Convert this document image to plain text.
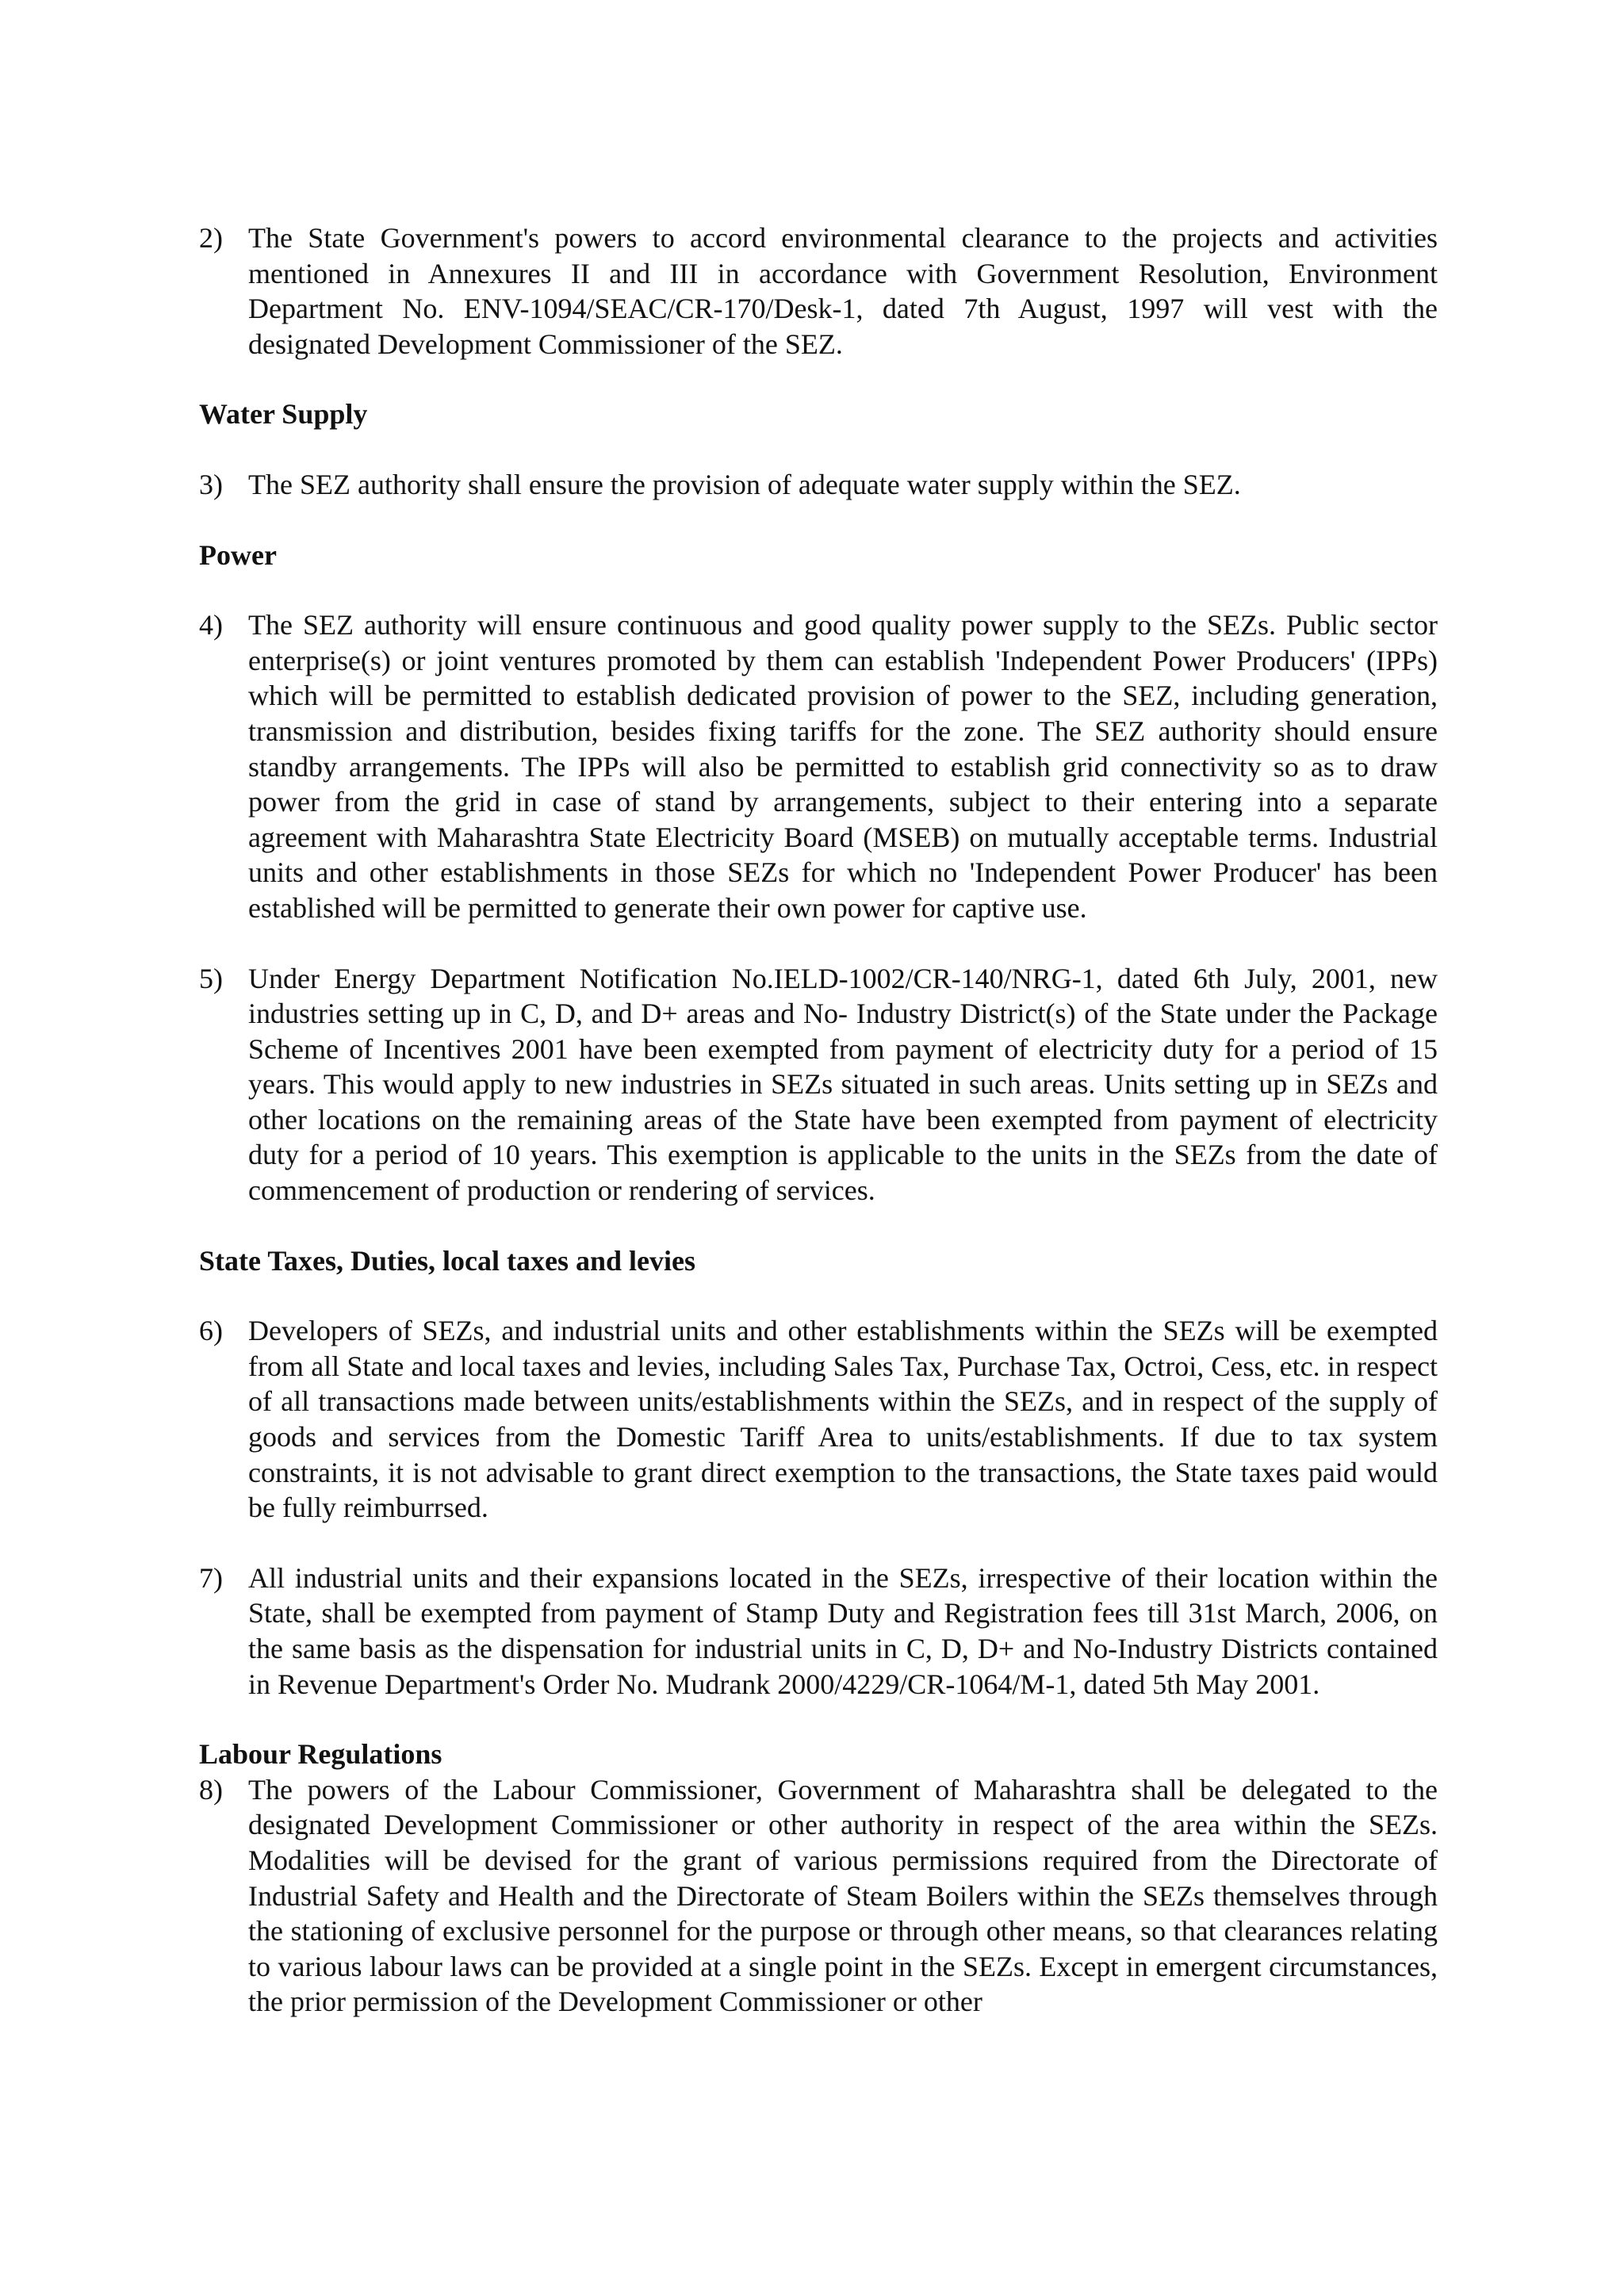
2) The State Government's powers to accord environmental clearance to the projects and activities mentioned in Annexures II and III in accordance with Government Resolution, Environment Department No. ENV-1094/SEAC/CR-170/Desk-1, dated 7th August, 1997 will vest with the designated Development Commissioner of the SEZ.

Water Supply

3) The SEZ authority shall ensure the provision of adequate water supply within the SEZ.

Power

4) The SEZ authority will ensure continuous and good quality power supply to the SEZs. Public sector enterprise(s) or joint ventures promoted by them can establish 'Independent Power Producers' (IPPs) which will be permitted to establish dedicated provision of power to the SEZ, including generation, transmission and distribution, besides fixing tariffs for the zone. The SEZ authority should ensure standby arrangements. The IPPs will also be permitted to establish grid connectivity so as to draw power from the grid in case of stand by arrangements, subject to their entering into a separate agreement with Maharashtra State Electricity Board (MSEB) on mutually acceptable terms. Industrial units and other establishments in those SEZs for which no 'Independent Power Producer' has been established will be permitted to generate their own power for captive use.
5) Under Energy Department Notification No.IELD-1002/CR-140/NRG-1, dated 6th July, 2001, new industries setting up in C, D, and D+ areas and No- Industry District(s) of the State under the Package Scheme of Incentives 2001 have been exempted from payment of electricity duty for a period of 15 years. This would apply to new industries in SEZs situated in such areas. Units setting up in SEZs and other locations on the remaining areas of the State have been exempted from payment of electricity duty for a period of 10 years. This exemption is applicable to the units in the SEZs from the date of commencement of production or rendering of services.

State Taxes, Duties, local taxes and levies

6) Developers of SEZs, and industrial units and other establishments within the SEZs will be exempted from all State and local taxes and levies, including Sales Tax, Purchase Tax, Octroi, Cess, etc. in respect of all transactions made between units/establishments within the SEZs, and in respect of the supply of goods and services from the Domestic Tariff Area to units/establishments. If due to tax system constraints, it is not advisable to grant direct exemption to the transactions, the State taxes paid would be fully reimburrsed.
7) All industrial units and their expansions located in the SEZs, irrespective of their location within the State, shall be exempted from payment of Stamp Duty and Registration fees till 31st March, 2006, on the same basis as the dispensation for industrial units in C, D, D+ and No-Industry Districts contained in Revenue Department's Order No. Mudrank 2000/4229/CR-1064/M-1, dated 5th May 2001.

Labour Regulations

8) The powers of the Labour Commissioner, Government of Maharashtra shall be delegated to the designated Development Commissioner or other authority in respect of the area within the SEZs. Modalities will be devised for the grant of various permissions required from the Directorate of Industrial Safety and Health and the Directorate of Steam Boilers within the SEZs themselves through the stationing of exclusive personnel for the purpose or through other means, so that clearances relating to various labour laws can be provided at a single point in the SEZs. Except in emergent circumstances, the prior permission of the Development Commissioner or other
